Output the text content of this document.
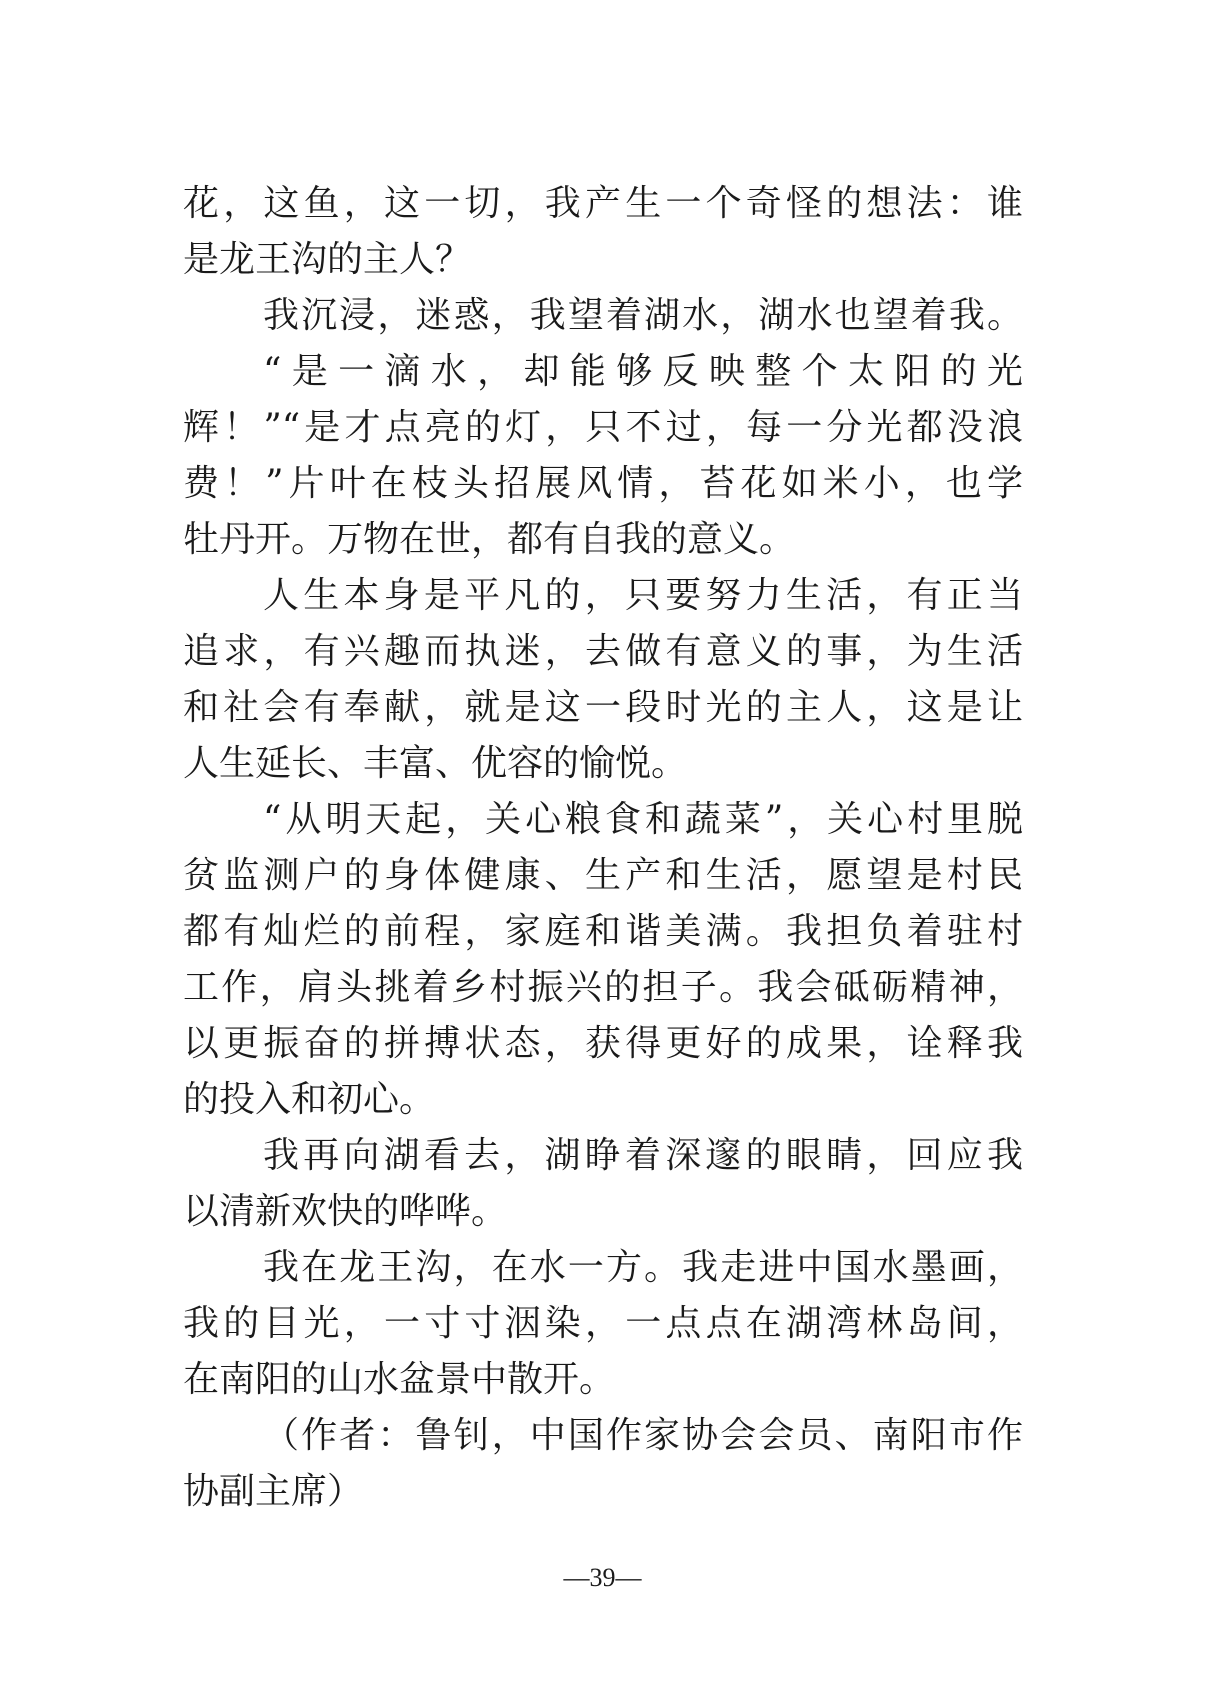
花，这鱼，这一切，我产生一个奇怪的想法：谁
是龙王沟的主人？
我沉浸，迷惑，我望着湖水，湖水也望着我。
“是一滴水，却能够反映整个太阳的光
辉！”“是才点亮的灯，只不过，每一分光都没浪
费！”片叶在枝头招展风情，苔花如米小，也学
牡丹开。万物在世，都有自我的意义。
人生本身是平凡的，只要努力生活，有正当
追求，有兴趣而执迷，去做有意义的事，为生活
和社会有奉献，就是这一段时光的主人，这是让
人生延长、丰富、优容的愉悦。
“从明天起，关心粮食和蔬菜”，关心村里脱
贫监测户的身体健康、生产和生活，愿望是村民
都有灿烂的前程，家庭和谐美满。我担负着驻村
工作，肩头挑着乡村振兴的担子。我会砥砺精神，
以更振奋的拼搏状态，获得更好的成果，诠释我
的投入和初心。
我再向湖看去，湖睁着深邃的眼睛，回应我
以清新欢快的哗哗。
我在龙王沟，在水一方。我走进中国水墨画，
我的目光，一寸寸洇染，一点点在湖湾林岛间，
在南阳的山水盆景中散开。
（作者：鲁钊，中国作家协会会员、南阳市作
协副主席）
—39—
